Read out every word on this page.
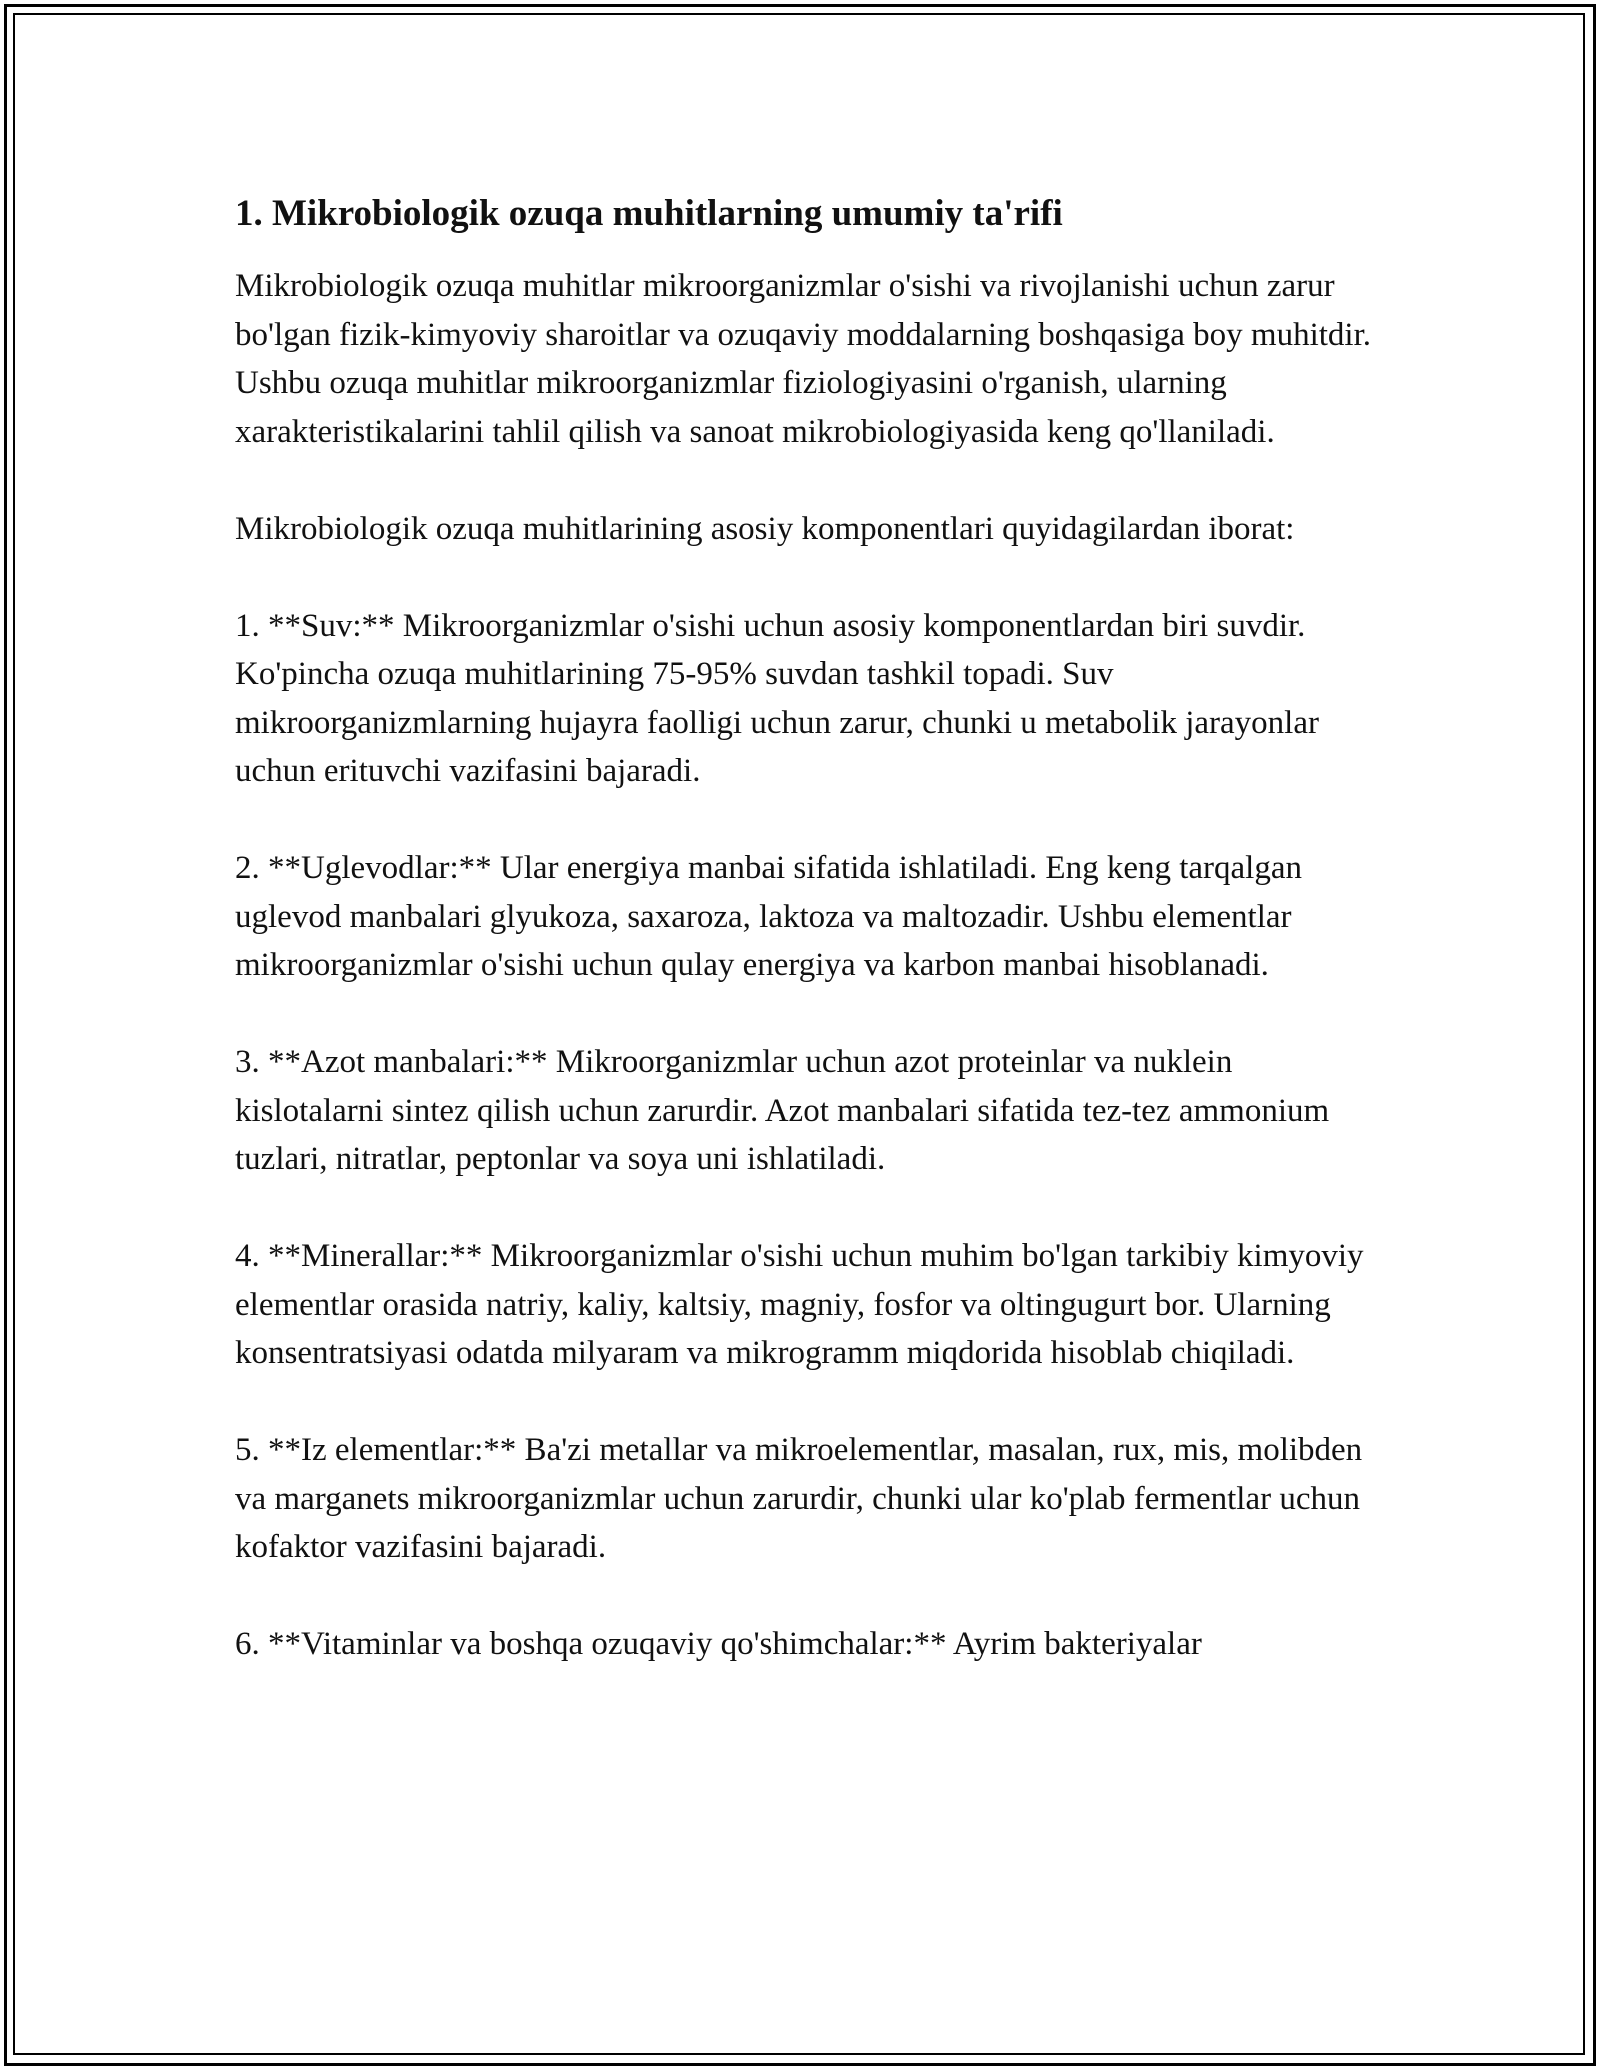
1. Mikrobiologik ozuqa muhitlarning umumiy ta'rifi

Mikrobiologik ozuqa muhitlar mikroorganizmlar o'sishi va rivojlanishi uchun zarur bo'lgan fizik-kimyoviy sharoitlar va ozuqaviy moddalarning boshqasiga boy muhitdir. Ushbu ozuqa muhitlar mikroorganizmlar fiziologiyasini o'rganish, ularning xarakteristikalarini tahlil qilish va sanoat mikrobiologiyasida keng qo'llaniladi.

Mikrobiologik ozuqa muhitlarining asosiy komponentlari quyidagilardan iborat:

1. **Suv:** Mikroorganizmlar o'sishi uchun asosiy komponentlardan biri suvdir. Ko'pincha ozuqa muhitlarining 75-95% suvdan tashkil topadi. Suv mikroorganizmlarning hujayra faolligi uchun zarur, chunki u metabolik jarayonlar uchun erituvchi vazifasini bajaradi.

2. **Uglevodlar:** Ular energiya manbai sifatida ishlatiladi. Eng keng tarqalgan uglevod manbalari glyukoza, saxaroza, laktoza va maltozadir. Ushbu elementlar mikroorganizmlar o'sishi uchun qulay energiya va karbon manbai hisoblanadi.

3. **Azot manbalari:** Mikroorganizmlar uchun azot proteinlar va nuklein kislotalarni sintez qilish uchun zarurdir. Azot manbalari sifatida tez-tez ammonium tuzlari, nitratlar, peptonlar va soya uni ishlatiladi.

4. **Minerallar:** Mikroorganizmlar o'sishi uchun muhim bo'lgan tarkibiy kimyoviy elementlar orasida natriy, kaliy, kaltsiy, magniy, fosfor va oltingugurt bor. Ularning konsentratsiyasi odatda milyaram va mikrogramm miqdorida hisoblab chiqiladi.

5. **Iz elementlar:** Ba'zi metallar va mikroelementlar, masalan, rux, mis, molibden va marganets mikroorganizmlar uchun zarurdir, chunki ular ko'plab fermentlar uchun kofaktor vazifasini bajaradi.

6. **Vitaminlar va boshqa ozuqaviy qo'shimchalar:** Ayrim bakteriyalar
